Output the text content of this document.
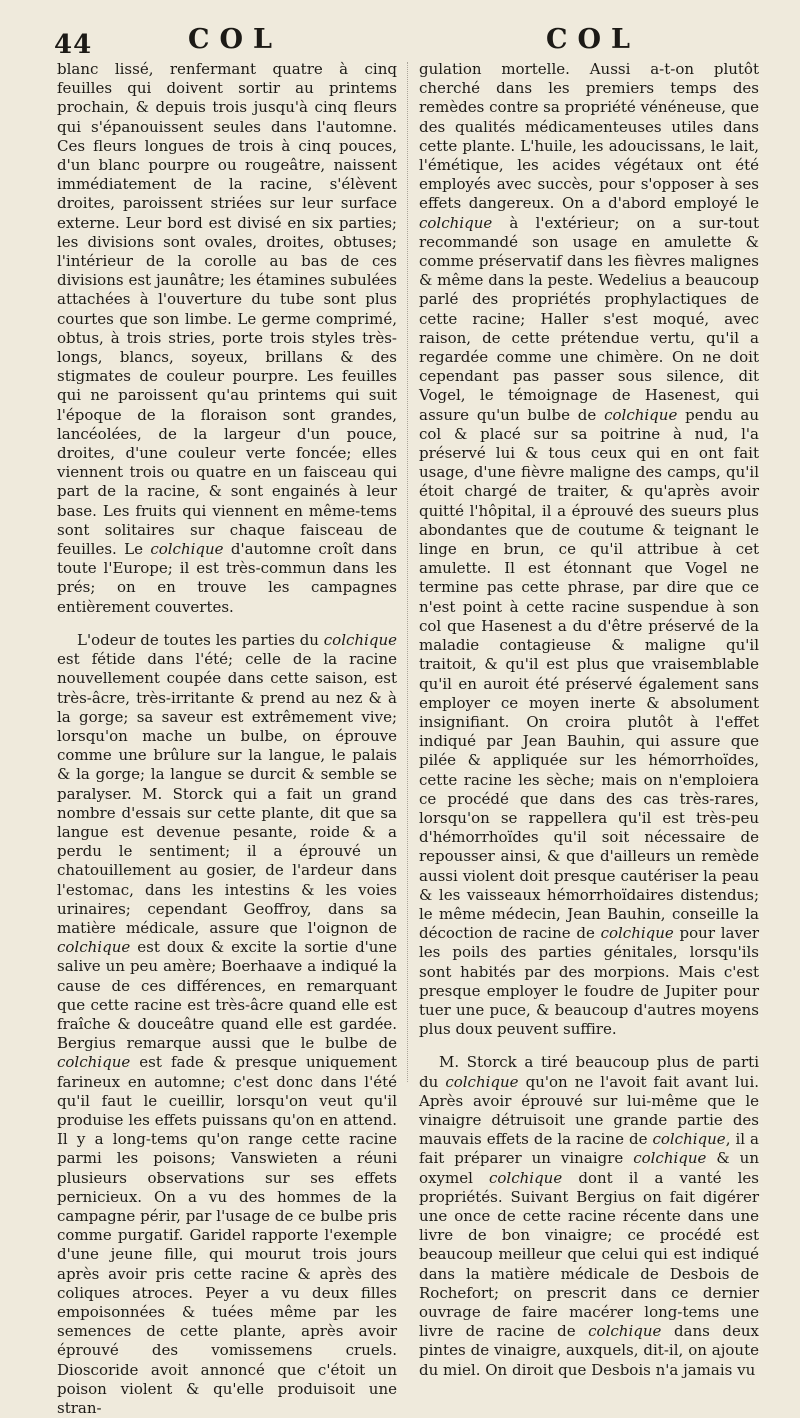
44	COL	COL

blanc lissé, renfermant quatre à cinq feuilles qui doivent sortir au printems prochain, & depuis trois jusqu'à cinq fleurs qui s'épanouissent seules dans l'automne. Ces fleurs longues de trois à cinq pouces, d'un blanc pourpre ou rougeâtre, naissent immédiatement de la racine, s'élèvent droites, paroissent striées sur leur surface externe. Leur bord est divisé en six parties; les divisions sont ovales, droites, obtuses; l'intérieur de la corolle au bas de ces divisions est jaunâtre; les étamines subulées attachées à l'ouverture du tube sont plus courtes que son limbe. Le germe comprimé, obtus, à trois stries, porte trois styles très-longs, blancs, soyeux, brillans & des stigmates de couleur pourpre. Les feuilles qui ne paroissent qu'au printems qui suit l'époque de la floraison sont grandes, lancéolées, de la largeur d'un pouce, droites, d'une couleur verte foncée; elles viennent trois ou quatre en un faisceau qui part de la racine, & sont engainés à leur base. Les fruits qui viennent en même-tems sont solitaires sur chaque faisceau de feuilles. Le colchique d'automne croît dans toute l'Europe; il est très-commun dans les prés; on en trouve les campagnes entièrement couvertes.

L'odeur de toutes les parties du colchique est fétide dans l'été; celle de la racine nouvellement coupée dans cette saison, est très-âcre, très-irritante & prend au nez & à la gorge; sa saveur est extrêmement vive; lorsqu'on mache un bulbe, on éprouve comme une brûlure sur la langue, le palais & la gorge; la langue se durcit & semble se paralyser. M. Storck qui a fait un grand nombre d'essais sur cette plante, dit que sa langue est devenue pesante, roide & a perdu le sentiment; il a éprouvé un chatouillement au gosier, de l'ardeur dans l'estomac, dans les intestins & les voies urinaires; cependant Geoffroy, dans sa matière médicale, assure que l'oignon de colchique est doux & excite la sortie d'une salive un peu amère; Boerhaave a indiqué la cause de ces différences, en remarquant que cette racine est très-âcre quand elle est fraîche & douceâtre quand elle est gardée. Bergius remarque aussi que le bulbe de colchique est fade & presque uniquement farineux en automne; c'est donc dans l'été qu'il faut le cueillir, lorsqu'on veut qu'il produise les effets puissans qu'on en attend. Il y a long-tems qu'on range cette racine parmi les poisons; Vanswieten a réuni plusieurs observations sur ses effets pernicieux. On a vu des hommes de la campagne périr, par l'usage de ce bulbe pris comme purgatif. Garidel rapporte l'exemple d'une jeune fille, qui mourut trois jours après avoir pris cette racine & après des coliques atroces. Peyer a vu deux filles empoisonnées & tuées même par les semences de cette plante, après avoir éprouvé des vomissemens cruels. Dioscoride avoit annoncé que c'étoit un poison violent & qu'elle produisoit une stran-

gulation mortelle. Aussi a-t-on plutôt cherché dans les premiers temps des remèdes contre sa propriété vénéneuse, que des qualités médicamenteuses utiles dans cette plante. L'huile, les adoucissans, le lait, l'émétique, les acides végétaux ont été employés avec succès, pour s'opposer à ses effets dangereux. On a d'abord employé le colchique à l'extérieur; on a sur-tout recommandé son usage en amulette & comme préservatif dans les fièvres malignes & même dans la peste. Wedelius a beaucoup parlé des propriétés prophylactiques de cette racine; Haller s'est moqué, avec raison, de cette prétendue vertu, qu'il a regardée comme une chimère. On ne doit cependant pas passer sous silence, dit Vogel, le témoignage de Hasenest, qui assure qu'un bulbe de colchique pendu au col & placé sur sa poitrine à nud, l'a préservé lui & tous ceux qui en ont fait usage, d'une fièvre maligne des camps, qu'il étoit chargé de traiter, & qu'après avoir quitté l'hôpital, il a éprouvé des sueurs plus abondantes que de coutume & teignant le linge en brun, ce qu'il attribue à cet amulette. Il est étonnant que Vogel ne termine pas cette phrase, par dire que ce n'est point à cette racine suspendue à son col que Hasenest a du d'être préservé de la maladie contagieuse & maligne qu'il traitoit, & qu'il est plus que vraisemblable qu'il en auroit été préservé également sans employer ce moyen inerte & absolument insignifiant. On croira plutôt à l'effet indiqué par Jean Bauhin, qui assure que pilée & appliquée sur les hémorrhoïdes, cette racine les sèche; mais on n'emploiera ce procédé que dans des cas très-rares, lorsqu'on se rappellera qu'il est très-peu d'hémorrhoïdes qu'il soit nécessaire de repousser ainsi, & que d'ailleurs un remède aussi violent doit presque cautériser la peau & les vaisseaux hémorrhoïdaires distendus; le même médecin, Jean Bauhin, conseille la décoction de racine de colchique pour laver les poils des parties génitales, lorsqu'ils sont habités par des morpions. Mais c'est presque employer le foudre de Jupiter pour tuer une puce, & beaucoup d'autres moyens plus doux peuvent suffire.

M. Storck a tiré beaucoup plus de parti du colchique qu'on ne l'avoit fait avant lui. Après avoir éprouvé sur lui-même que le vinaigre détruisoit une grande partie des mauvais effets de la racine de colchique, il a fait préparer un vinaigre colchique & un oxymel colchique dont il a vanté les propriétés. Suivant Bergius on fait digérer une once de cette racine récente dans une livre de bon vinaigre; ce procédé est beaucoup meilleur que celui qui est indiqué dans la matière médicale de Desbois de Rochefort; on prescrit dans ce dernier ouvrage de faire macérer long-tems une livre de racine de colchique dans deux pintes de vinaigre, auxquels, dit-il, on ajoute du miel. On diroit que Desbois n'a jamais vu
